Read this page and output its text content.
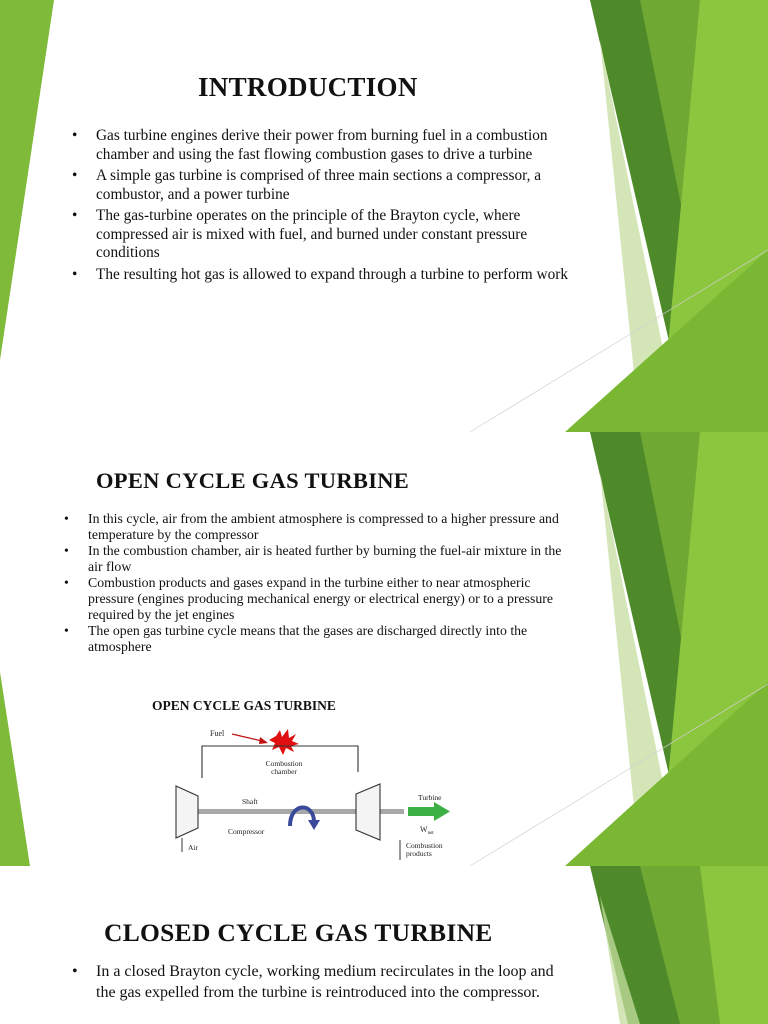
INTRODUCTION
• Gas turbine engines derive their power from burning fuel in a combustion chamber and using the fast flowing combustion gases to drive a turbine
• A simple gas turbine is comprised of three main sections a compressor, a combustor, and a power turbine
• The gas-turbine operates on the principle of the Brayton cycle, where compressed air is mixed with fuel, and burned under constant pressure conditions
• The resulting hot gas is allowed to expand through a turbine to perform work
OPEN CYCLE GAS TURBINE
• In this cycle, air from the ambient atmosphere is compressed to a higher pressure and temperature by the compressor
• In the combustion chamber, air is heated further by burning the fuel-air mixture in the air flow
• Combustion products and gases expand in the turbine either to near atmospheric pressure (engines producing mechanical energy or electrical energy) or to a pressure required by the jet engines
• The open gas turbine cycle means that the gases are discharged directly into the atmosphere
OPEN CYCLE GAS TURBINE
Fuel
Combustion
chamber
Shaft
Compressor
Air
Turbine
$W_{net}$
Combustion
products
CLOSED CYCLE GAS TURBINE
• In a closed Brayton cycle, working medium recirculates in the loop and the gas expelled from the turbine is reintroduced into the compressor.
